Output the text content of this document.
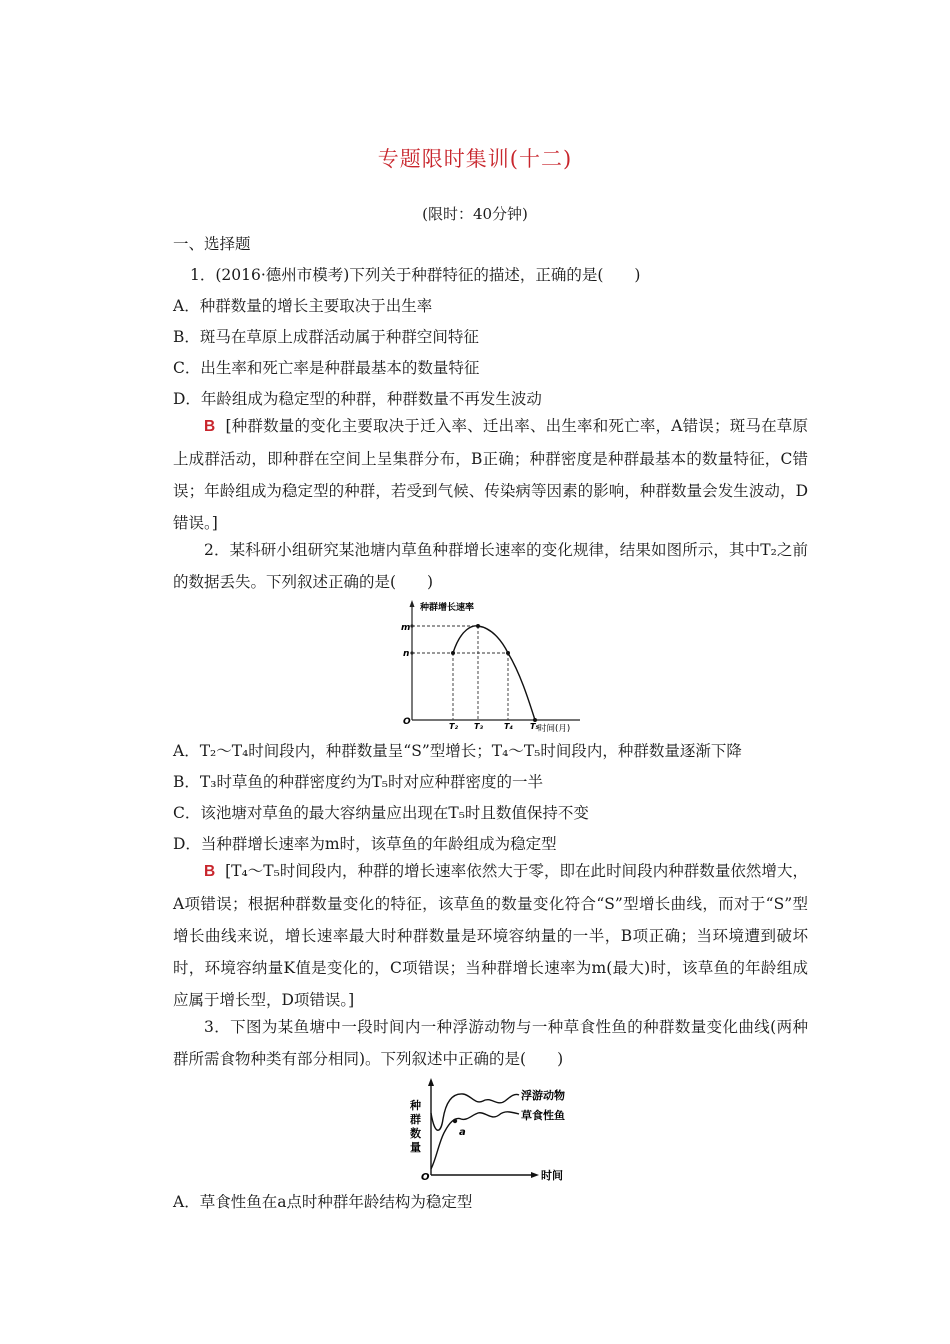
专题限时集训(十二)
(限时：40分钟)
一、选择题
1．(2016·德州市模考)下列关于种群特征的描述，正确的是(　　)
A．种群数量的增长主要取决于出生率
B．斑马在草原上成群活动属于种群空间特征
C．出生率和死亡率是种群最基本的数量特征
D．年龄组成为稳定型的种群，种群数量不再发生波动
B [种群数量的变化主要取决于迁入率、迁出率、出生率和死亡率，A错误；斑马在草原上成群活动，即种群在空间上呈集群分布，B正确；种群密度是种群最基本的数量特征，C错误；年龄组成为稳定型的种群，若受到气候、传染病等因素的影响，种群数量会发生波动，D错误。]
2．某科研小组研究某池塘内草鱼种群增长速率的变化规律，结果如图所示，其中T₂之前的数据丢失。下列叙述正确的是(　　)
种群增长速率
时间(月)
O
m
n
T₂ T₃	T₄ T₅
A．T₂～T₄时间段内，种群数量呈“S”型增长；T₄～T₅时间段内，种群数量逐渐下降
B．T₃时草鱼的种群密度约为T₅时对应种群密度的一半
C．该池塘对草鱼的最大容纳量应出现在T₅时且数值保持不变
D．当种群增长速率为m时，该草鱼的年龄组成为稳定型
B [T₄～T₅时间段内，种群的增长速率依然大于零，即在此时间段内种群数量依然增大，A项错误；根据种群数量变化的特征，该草鱼的数量变化符合“S”型增长曲线，而对于“S”型增长曲线来说，增长速率最大时种群数量是环境容纳量的一半，B项正确；当环境遭到破坏时，环境容纳量K值是变化的，C项错误；当种群增长速率为m(最大)时，该草鱼的年龄组成应属于增长型，D项错误。]
3．下图为某鱼塘中一段时间内一种浮游动物与一种草食性鱼的种群数量变化曲线(两种群所需食物种类有部分相同)。下列叙述中正确的是(　　)
种
群
数
量
O	时间
a
浮游动物
草食性鱼
A．草食性鱼在a点时种群年龄结构为稳定型
